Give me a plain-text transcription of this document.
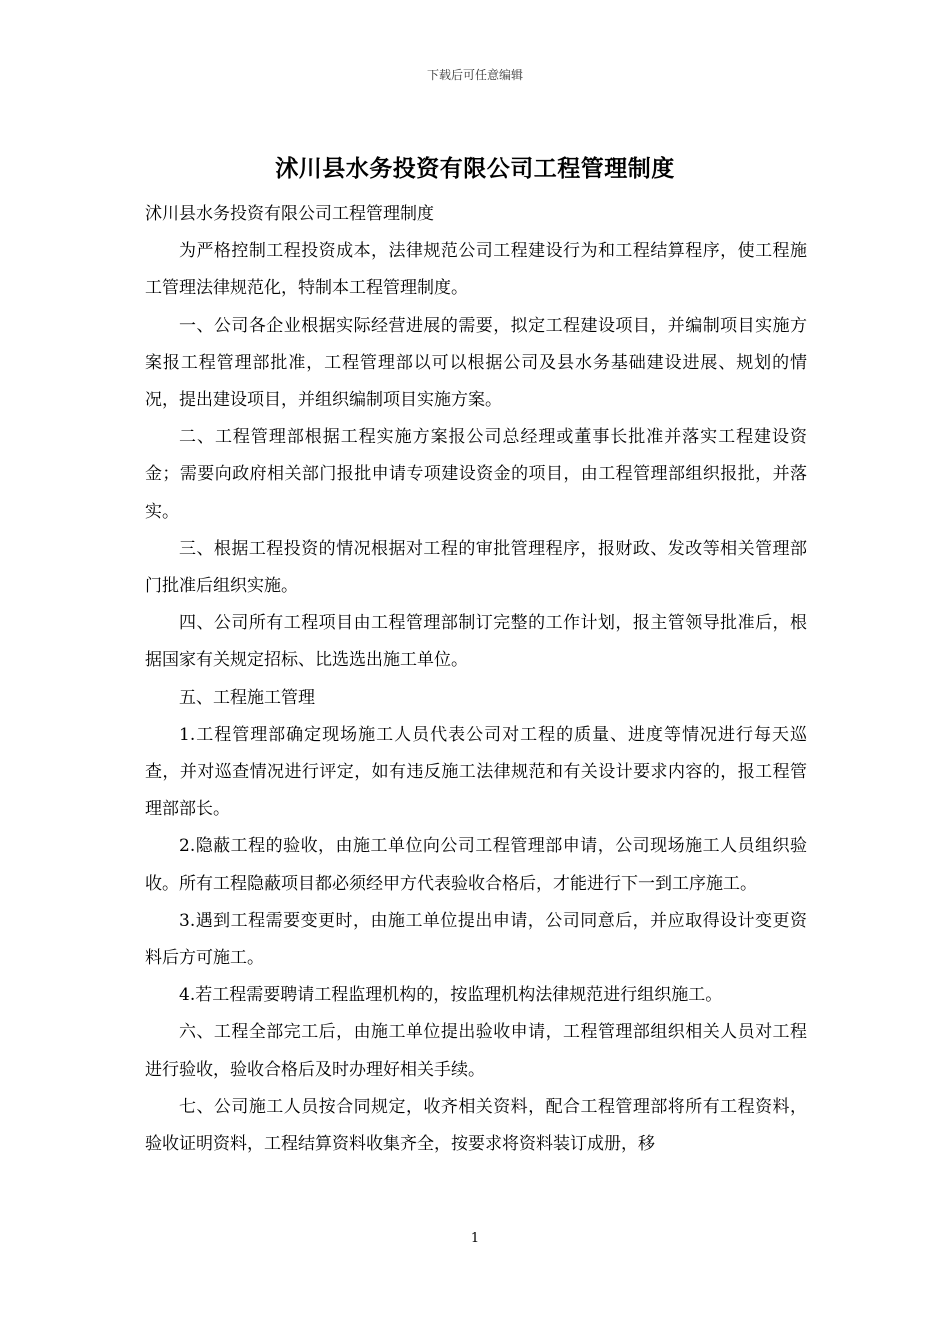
下载后可任意编辑
沭川县水务投资有限公司工程管理制度

沭川县水务投资有限公司工程管理制度

为严格控制工程投资成本，法律规范公司工程建设行为和工程结算程序，使工程施工管理法律规范化，特制本工程管理制度。

一、公司各企业根据实际经营进展的需要，拟定工程建设项目，并编制项目实施方案报工程管理部批准，工程管理部以可以根据公司及县水务基础建设进展、规划的情况，提出建设项目，并组织编制项目实施方案。

二、工程管理部根据工程实施方案报公司总经理或董事长批准并落实工程建设资金；需要向政府相关部门报批申请专项建设资金的项目，由工程管理部组织报批，并落实。

三、根据工程投资的情况根据对工程的审批管理程序，报财政、发改等相关管理部门批准后组织实施。

四、公司所有工程项目由工程管理部制订完整的工作计划，报主管领导批准后，根据国家有关规定招标、比选选出施工单位。

五、工程施工管理

1.工程管理部确定现场施工人员代表公司对工程的质量、进度等情况进行每天巡查，并对巡查情况进行评定，如有违反施工法律规范和有关设计要求内容的，报工程管理部部长。

2.隐蔽工程的验收，由施工单位向公司工程管理部申请，公司现场施工人员组织验收。所有工程隐蔽项目都必须经甲方代表验收合格后，才能进行下一到工序施工。

3.遇到工程需要变更时，由施工单位提出申请，公司同意后，并应取得设计变更资料后方可施工。

4.若工程需要聘请工程监理机构的，按监理机构法律规范进行组织施工。

六、工程全部完工后，由施工单位提出验收申请，工程管理部组织相关人员对工程进行验收，验收合格后及时办理好相关手续。

七、公司施工人员按合同规定，收齐相关资料，配合工程管理部将所有工程资料，验收证明资料，工程结算资料收集齐全，按要求将资料装订成册，移

1
